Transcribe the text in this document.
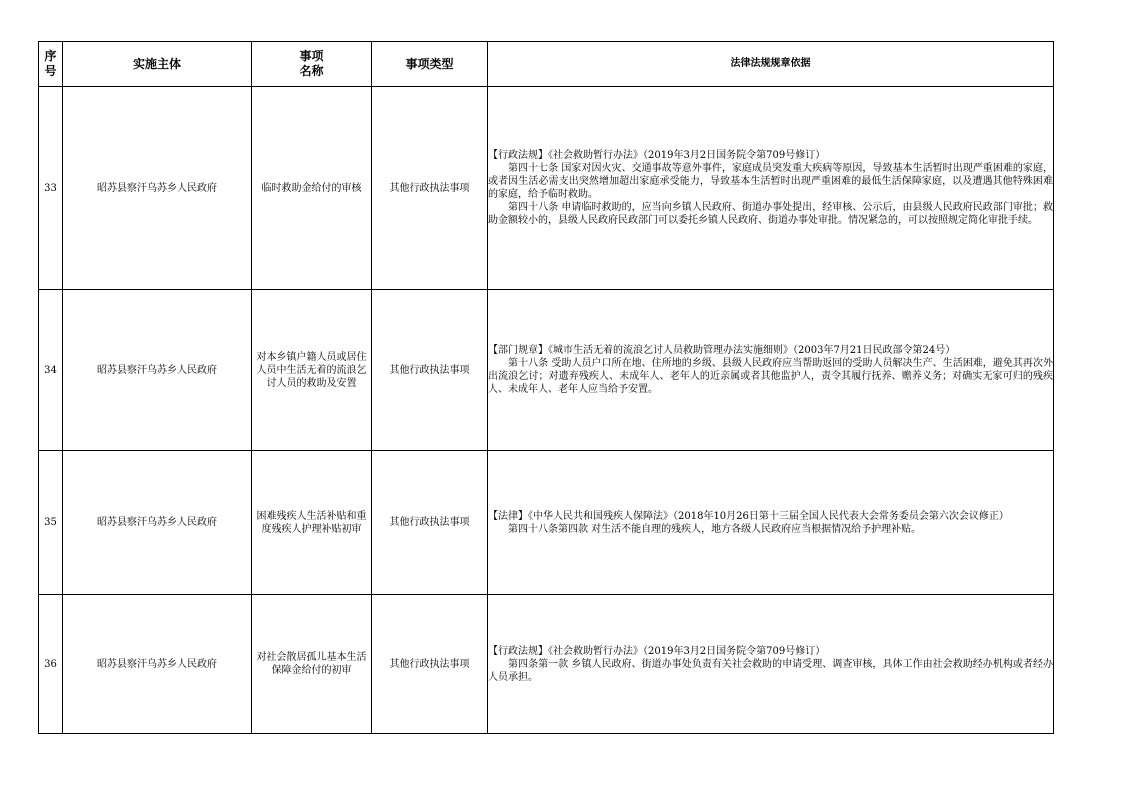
序号	实施主体	事项名称	事项类型	法律法规规章依据
33	昭苏县察汗乌苏乡人民政府	临时救助金给付的审核	其他行政执法事项	【行政法规】《社会救助暂行办法》（2019年3月2日国务院令第709号修订）
第四十七条 国家对因火灾、交通事故等意外事件，家庭成员突发重大疾病等原因，导致基本生活暂时出现严重困难的家庭，或者因生活必需支出突然增加超出家庭承受能力，导致基本生活暂时出现严重困难的最低生活保障家庭，以及遭遇其他特殊困难的家庭，给予临时救助。
第四十八条 申请临时救助的，应当向乡镇人民政府、街道办事处提出，经审核、公示后，由县级人民政府民政部门审批；救助金额较小的，县级人民政府民政部门可以委托乡镇人民政府、街道办事处审批。情况紧急的，可以按照规定简化审批手续。

34	昭苏县察汗乌苏乡人民政府	对本乡镇户籍人员或居住人员中生活无着的流浪乞讨人员的救助及安置	其他行政执法事项	【部门规章】《城市生活无着的流浪乞讨人员救助管理办法实施细则》（2003年7月21日民政部令第24号）
第十八条 受助人员户口所在地、住所地的乡级、县级人民政府应当帮助返回的受助人员解决生产、生活困难，避免其再次外出流浪乞讨；对遗弃残疾人、未成年人、老年人的近亲属或者其他监护人，责令其履行抚养、赡养义务；对确实无家可归的残疾人、未成年人、老年人应当给予安置。

35	昭苏县察汗乌苏乡人民政府	困难残疾人生活补贴和重度残疾人护理补贴初审	其他行政执法事项	【法律】《中华人民共和国残疾人保障法》（2018年10月26日第十三届全国人民代表大会常务委员会第六次会议修正）
第四十八条第四款 对生活不能自理的残疾人，地方各级人民政府应当根据情况给予护理补贴。

36	昭苏县察汗乌苏乡人民政府	对社会散居孤儿基本生活保障金给付的初审	其他行政执法事项	【行政法规】《社会救助暂行办法》（2019年3月2日国务院令第709号修订）
第四条第一款 乡镇人民政府、街道办事处负责有关社会救助的申请受理、调查审核，具体工作由社会救助经办机构或者经办人员承担。
